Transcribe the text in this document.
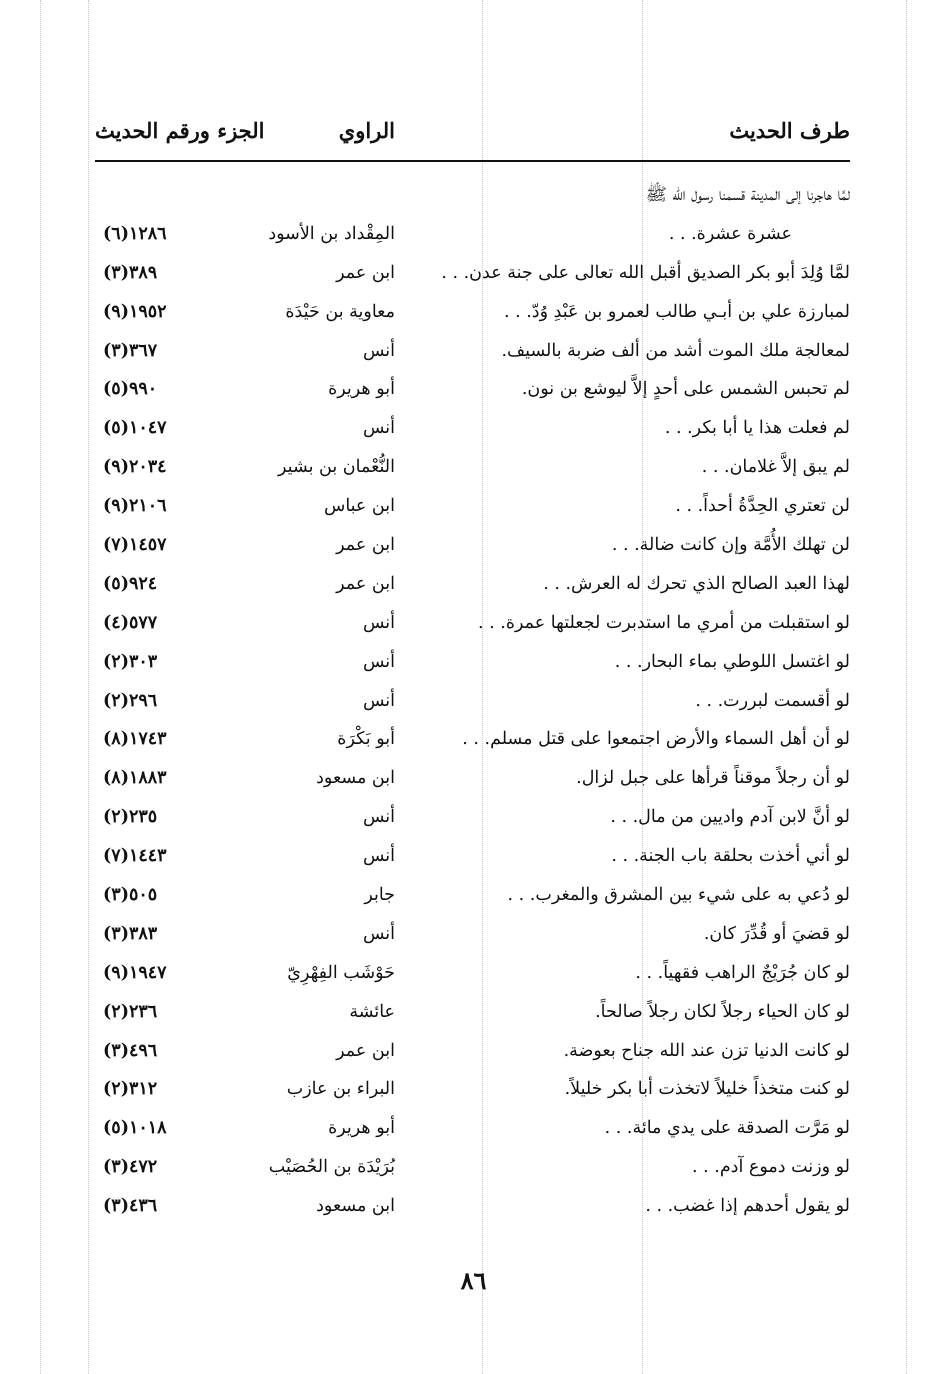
طرف الحديث
الراوي
الجزء ورقم الحديث
لمَّا هاجرنا إلى المدينة قسمنا رسول الله ﷺ
عشرة عشرة. . .
المِقْداد بن الأسود
١٢٨٦(٦)
لمَّا وُلِدَ أبو بكر الصديق أقبل الله تعالى على جنة عدن. . .
ابن عمر
٣٨٩(٣)
لمبارزة علي بن أبـي طالب لعمرو بن عَبْدِ وُدّ. . .
معاوية بن حَيْدَة
١٩٥٢(٩)
لمعالجة ملك الموت أشد من ألف ضربة بالسيف.
أنس
٣٦٧(٣)
لم تحبس الشمس على أحدٍ إلاَّ ليوشع بن نون.
أبو هريرة
٩٩٠(٥)
لم فعلت هذا يا أبا بكر. . .
أنس
١٠٤٧(٥)
لم يبق إلاَّ غلامان. . .
النُّعْمان بن بشير
٢٠٣٤(٩)
لن تعتري الحِدَّةُ أحداً. . .
ابن عباس
٢١٠٦(٩)
لن تهلك الأُمَّة وإن كانت ضالة. . .
ابن عمر
١٤٥٧(٧)
لهذا العبد الصالح الذي تحرك له العرش. . .
ابن عمر
٩٢٤(٥)
لو استقبلت من أمري ما استدبرت لجعلتها عمرة. . .
أنس
٥٧٧(٤)
لو اغتسل اللوطي بماء البحار. . .
أنس
٣٠٣(٢)
لو أقسمت لبررت. . .
أنس
٢٩٦(٢)
لو أن أهل السماء والأرض اجتمعوا على قتل مسلم. . .
أبو بَكْرَة
١٧٤٣(٨)
لو أن رجلاً موقناً قرأها على جبل لزال.
ابن مسعود
١٨٨٣(٨)
لو أنَّ لابن آدم واديين من مال. . .
أنس
٢٣٥(٢)
لو أني أخذت بحلقة باب الجنة. . .
أنس
١٤٤٣(٧)
لو دُعي به على شيء بين المشرق والمغرب. . .
جابر
٥٠٥(٣)
لو قضيَ أو قُدِّرَ كان.
أنس
٣٨٣(٣)
لو كان جُرَيْجٌ الراهب فقهياً. . .
حَوْشَب الفِهْرِيّ
١٩٤٧(٩)
لو كان الحياء رجلاً لكان رجلاً صالحاً.
عائشة
٢٣٦(٢)
لو كانت الدنيا تزن عند الله جناح بعوضة.
ابن عمر
٤٩٦(٣)
لو كنت متخذاً خليلاً لاتخذت أبا بكر خليلاً.
البراء بن عازب
٣١٢(٢)
لو مَرَّت الصدقة على يدي مائة. . .
أبو هريرة
١٠١٨(٥)
لو وزنت دموع آدم. . .
بُرَيْدَة بن الحُصَيْب
٤٧٢(٣)
لو يقول أحدهم إذا غضب. . .
ابن مسعود
٤٣٦(٣)
٨٦
